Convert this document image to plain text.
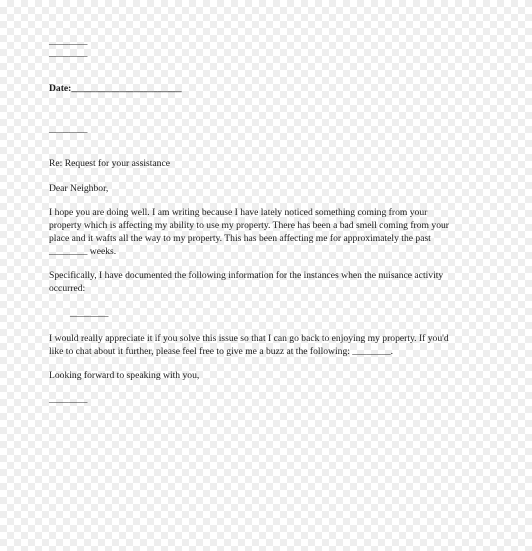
________

________

Date:_______________________

________

Re: Request for your assistance

Dear Neighbor,

I hope you are doing well. I am writing because I have lately noticed something coming from your

property which is affecting my ability to use my property. There has been a bad smell coming from your

place and it wafts all the way to my property. This has been affecting me for approximately the past

________ weeks.

Specifically, I have documented the following information for the instances when the nuisance activity

occurred:

________

I would really appreciate it if you solve this issue so that I can go back to enjoying my property. If you'd

like to chat about it further, please feel free to give me a buzz at the following: ________.

Looking forward to speaking with you,

________
